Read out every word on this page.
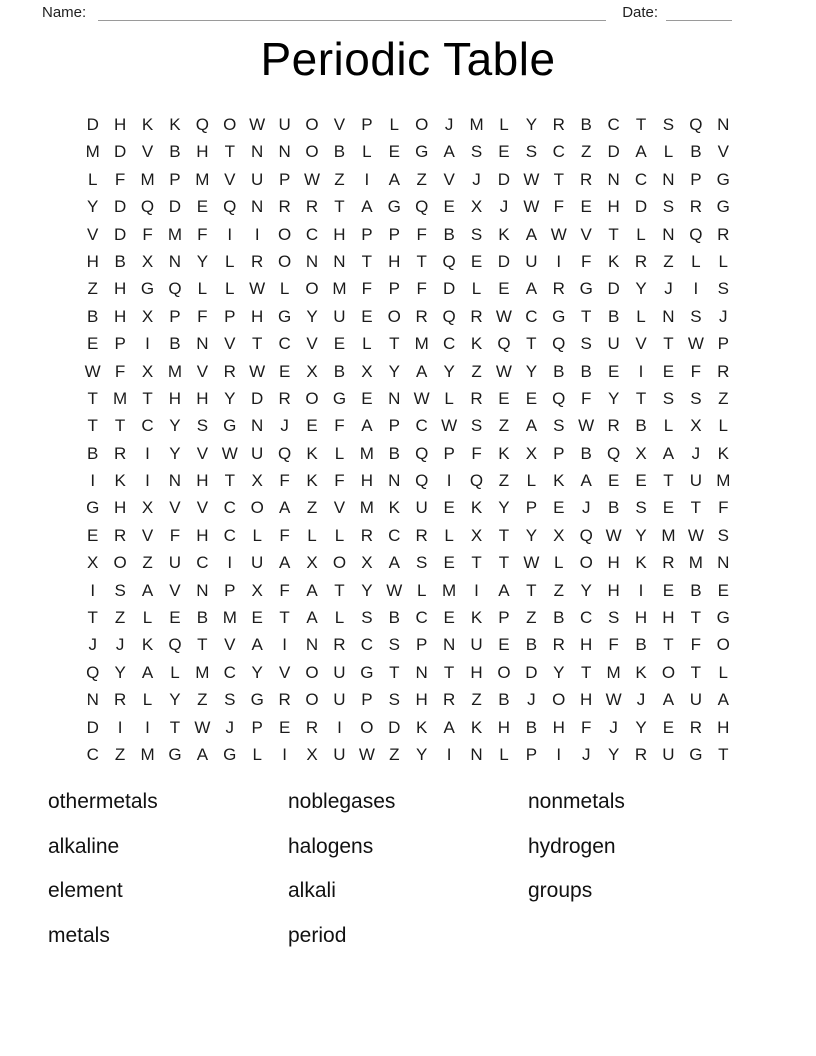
Name:	Date:
Periodic Table
D H K K Q O W U O V P	L O J M L	Y R B C T S Q N
M D V B H T N N O B	L	E G A S E S C Z D A	L	B V
L	F M P M V U P W Z	I	A Z V	J	D W T R N C N P G
Y D Q D E Q N R R T A G Q E X	J W F E H D S R G
V D F M F	I	I	O C H P P F B S K A W V T	L N Q R
H B X N Y	L R O N N T H T Q E D U	I	F K R Z	L	L
Z H G Q L	L W L O M F P F D L	E A R G D Y	J	I	S
B H X P F P H G Y U E O R Q R W C G T B	L N S	J
E P	I	B N V T C V E	L	T M C K Q T Q S U V T W P
W F X M V R W E X B X Y A Y Z W Y B B E	I	E F R
T M T H H Y D R O G E N W L R E E Q F Y T S S Z
T	T C Y S G N	J	E F A P C W S Z A S W R B	L	X	L
B R	I	Y V W U Q K	L M B Q P F K X P B Q X A	J	K
I	K	I	N H T X F K F H N Q	I	Q Z	L	K A E E T U M
G H X V V C O A Z V M K U E K Y P E	J	B S E T	F
E R V F H C L	F	L	L R C R L	X T Y X Q W Y M W S
X O Z U C	I	U A X O X A S E T	T W L O H K R M N
I	S A V N P X F A T Y W L M	I	A T	Z Y H	I	E B E
T	Z	L	E B M E T A	L	S B C E K P Z B C S H H T G
J	J	K Q T V A	I	N R C S P N U E B R H F B T	F O
Q Y A	L M C Y V O U G T N T H O D Y T M K O T	L
N R L	Y Z S G R O U P S H R Z B	J O H W J	A U A
D	I	I	T W J	P E R	I	O D K A K H B H F	J	Y E R H
C Z M G A G L	I	X U W Z Y	I	N L	P	I	J	Y R U G T
othermetals
alkaline
element
metals
noblegases
halogens
alkali
period
nonmetals
hydrogen
groups
